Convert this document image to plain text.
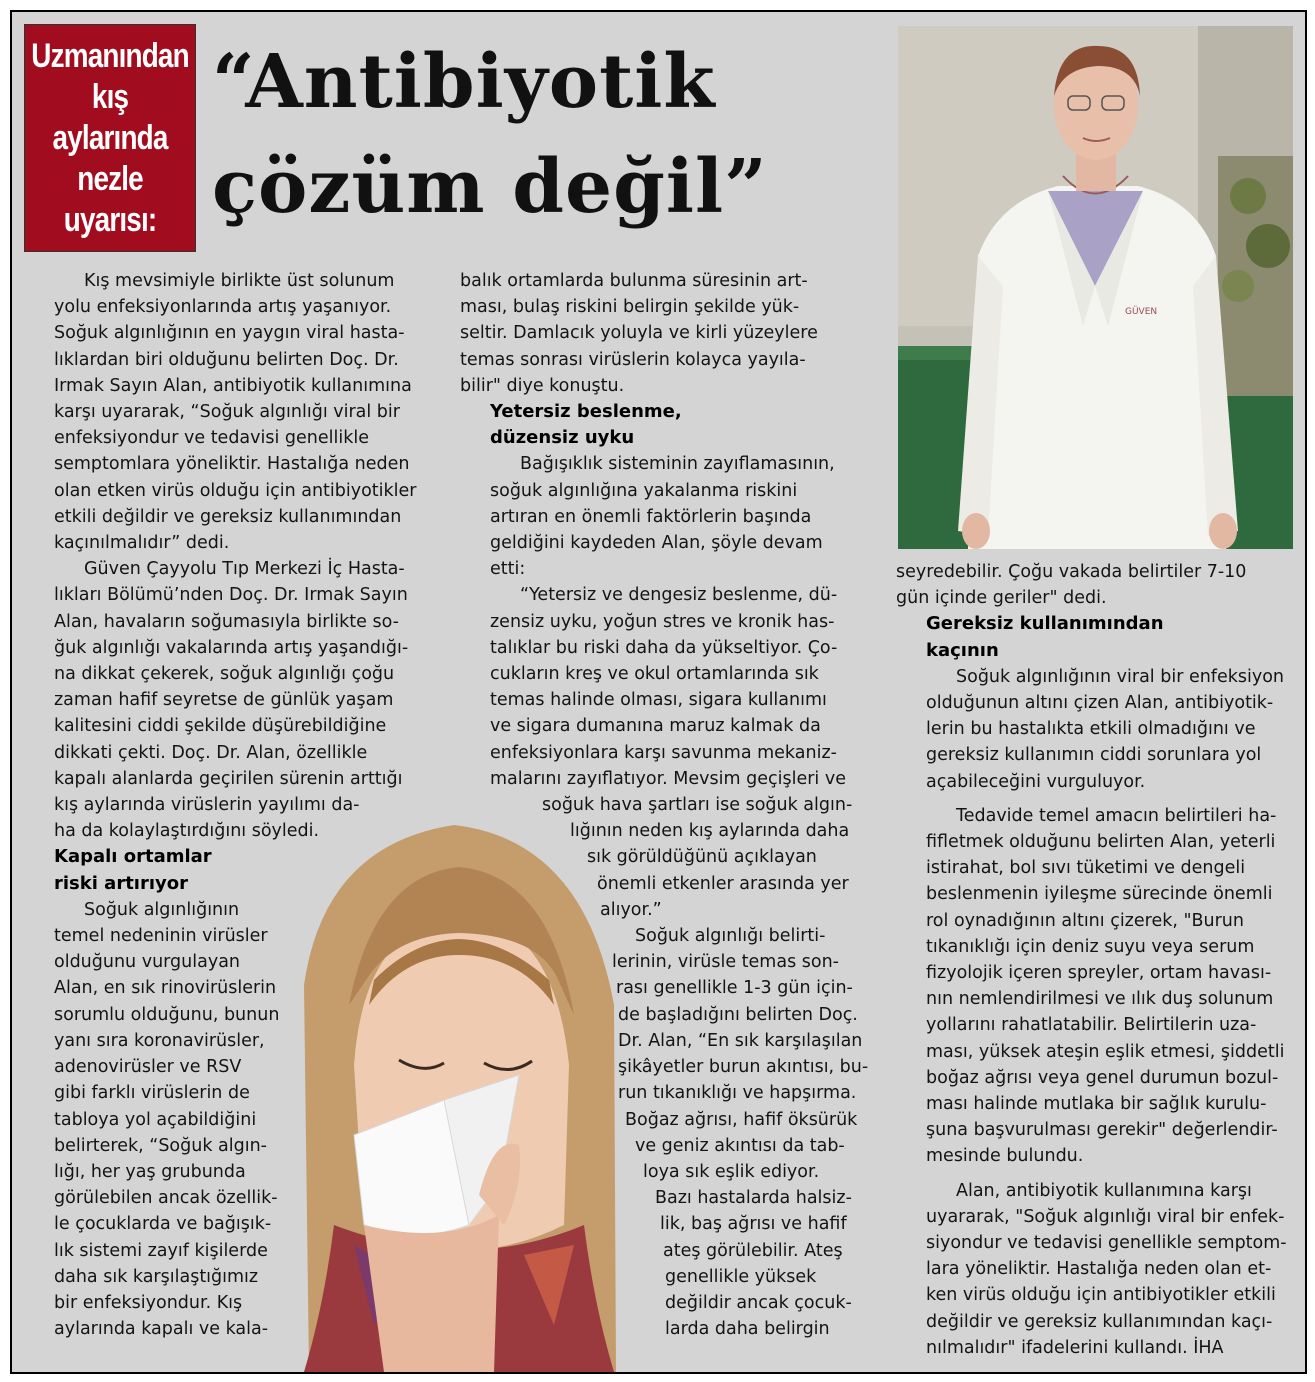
Uzmanından
kış
aylarında
nezle
uyarısı:
“Antibiyotik
çözüm değil”
GÜVEN

Kış mevsimiyle birlikte üst solunum
yolu enfeksiyonlarında artış yaşanıyor.
Soğuk algınlığının en yaygın viral hasta-
lıklardan biri olduğunu belirten Doç. Dr.
Irmak Sayın Alan, antibiyotik kullanımına
karşı uyararak, “Soğuk algınlığı viral bir
enfeksiyondur ve tedavisi genellikle
semptomlara yöneliktir. Hastalığa neden
olan etken virüs olduğu için antibiyotikler
etkili değildir ve gereksiz kullanımından
kaçınılmalıdır” dedi.

Güven Çayyolu Tıp Merkezi İç Hasta-
lıkları Bölümü’nden Doç. Dr. Irmak Sayın
Alan, havaların soğumasıyla birlikte so-
ğuk algınlığı vakalarında artış yaşandığı-
na dikkat çekerek, soğuk algınlığı çoğu
zaman hafif seyretse de günlük yaşam
kalitesini ciddi şekilde düşürebildiğine
dikkati çekti. Doç. Dr. Alan, özellikle
kapalı alanlarda geçirilen sürenin arttığı
kış aylarında virüslerin yayılımı da-
ha da kolaylaştırdığını söyledi.

Kapalı ortamlar
riski artırıyor

Soğuk algınlığının
temel nedeninin virüsler
olduğunu vurgulayan
Alan, en sık rinovirüslerin
sorumlu olduğunu, bunun
yanı sıra koronavirüsler,
adenovirüsler ve RSV
gibi farklı virüslerin de
tabloya yol açabildiğini
belirterek, “Soğuk algın-
lığı, her yaş grubunda
görülebilen ancak özellik-
le çocuklarda ve bağışık-
lık sistemi zayıf kişilerde
daha sık karşılaştığımız
bir enfeksiyondur. Kış
aylarında kapalı ve kala-

balık ortamlarda bulunma süresinin art-
ması, bulaş riskini belirgin şekilde yük-
seltir. Damlacık yoluyla ve kirli yüzeylere
temas sonrası virüslerin kolayca yayıla-
bilir" diye konuştu.

Yetersiz beslenme,
düzensiz uyku

Bağışıklık sisteminin zayıflamasının,
soğuk algınlığına yakalanma riskini
artıran en önemli faktörlerin başında
geldiğini kaydeden Alan, şöyle devam
etti:

“Yetersiz ve dengesiz beslenme, dü-
zensiz uyku, yoğun stres ve kronik has-
talıklar bu riski daha da yükseltiyor. Ço-
cukların kreş ve okul ortamlarında sık
temas halinde olması, sigara kullanımı
ve sigara dumanına maruz kalmak da
enfeksiyonlara karşı savunma mekaniz-
malarını zayıflatıyor. Mevsim geçişleri ve
soğuk hava şartları ise soğuk algın-
lığının neden kış aylarında daha
sık görüldüğünü açıklayan
önemli etkenler arasında yer
alıyor.”

Soğuk algınlığı belirti-
lerinin, virüsle temas son-
rası genellikle 1-3 gün için-
de başladığını belirten Doç.
Dr. Alan, “En sık karşılaşılan
şikâyetler burun akıntısı, bu-
run tıkanıklığı ve hapşırma.
Boğaz ağrısı, hafif öksürük
ve geniz akıntısı da tab-
loya sık eşlik ediyor.
Bazı hastalarda halsiz-
lik, baş ağrısı ve hafif
ateş görülebilir. Ateş
genellikle yüksek
değildir ancak çocuk-
larda daha belirgin

seyredebilir. Çoğu vakada belirtiler 7-10
gün içinde geriler" dedi.

Gereksiz kullanımından
kaçının

Soğuk algınlığının viral bir enfeksiyon
olduğunun altını çizen Alan, antibiyotik-
lerin bu hastalıkta etkili olmadığını ve
gereksiz kullanımın ciddi sorunlara yol
açabileceğini vurguluyor.

Tedavide temel amacın belirtileri ha-
fifletmek olduğunu belirten Alan, yeterli
istirahat, bol sıvı tüketimi ve dengeli
beslenmenin iyileşme sürecinde önemli
rol oynadığının altını çizerek, "Burun
tıkanıklığı için deniz suyu veya serum
fizyolojik içeren spreyler, ortam havası-
nın nemlendirilmesi ve ılık duş solunum
yollarını rahatlatabilir. Belirtilerin uza-
ması, yüksek ateşin eşlik etmesi, şiddetli
boğaz ağrısı veya genel durumun bozul-
ması halinde mutlaka bir sağlık kurulu-
şuna başvurulması gerekir" değerlendir-
mesinde bulundu.

Alan, antibiyotik kullanımına karşı
uyararak, "Soğuk algınlığı viral bir enfek-
siyondur ve tedavisi genellikle semptom-
lara yöneliktir. Hastalığa neden olan et-
ken virüs olduğu için antibiyotikler etkili
değildir ve gereksiz kullanımından kaçı-
nılmalıdır" ifadelerini kullandı. İHA
